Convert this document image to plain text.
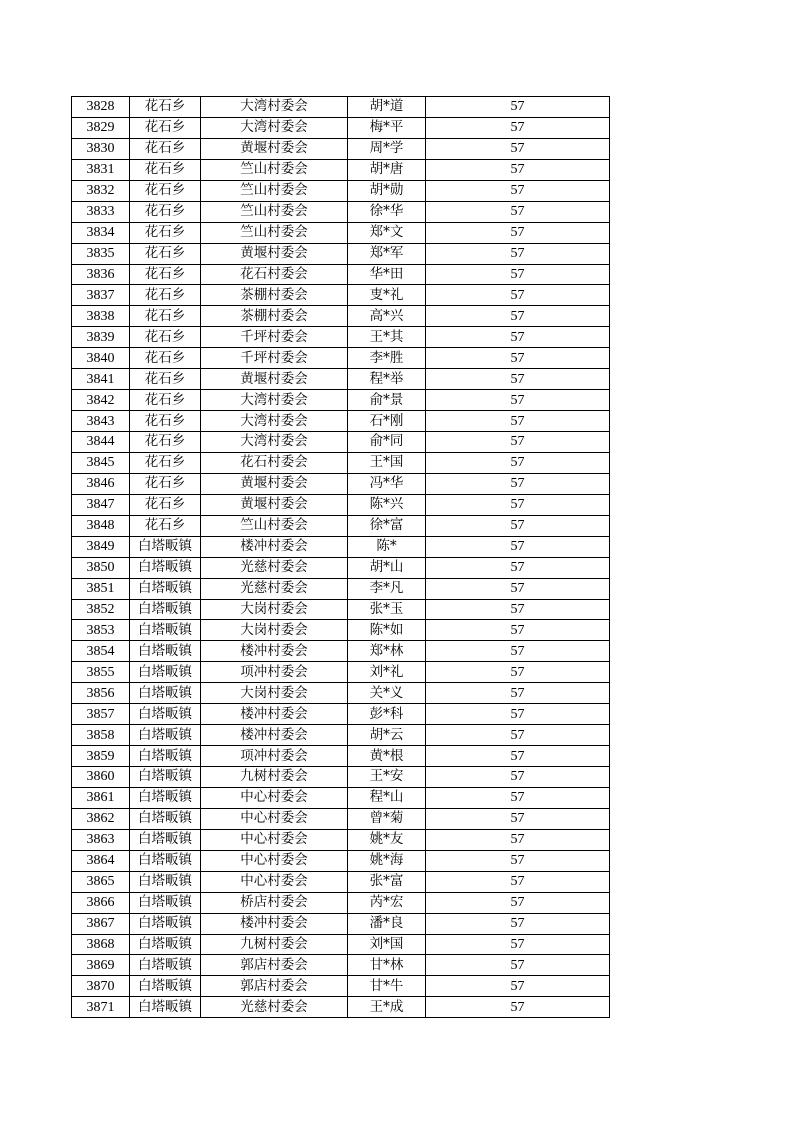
3828	花石乡	大湾村委会	胡*道	57
3829	花石乡	大湾村委会	梅*平	57
3830	花石乡	黄堰村委会	周*学	57
3831	花石乡	竺山村委会	胡*唐	57
3832	花石乡	竺山村委会	胡*勋	57
3833	花石乡	竺山村委会	徐*华	57
3834	花石乡	竺山村委会	郑*文	57
3835	花石乡	黄堰村委会	郑*军	57
3836	花石乡	花石村委会	华*田	57
3837	花石乡	茶棚村委会	叓*礼	57
3838	花石乡	茶棚村委会	高*兴	57
3839	花石乡	千坪村委会	王*其	57
3840	花石乡	千坪村委会	李*胜	57
3841	花石乡	黄堰村委会	程*举	57
3842	花石乡	大湾村委会	俞*景	57
3843	花石乡	大湾村委会	石*刚	57
3844	花石乡	大湾村委会	俞*同	57
3845	花石乡	花石村委会	王*国	57
3846	花石乡	黄堰村委会	冯*华	57
3847	花石乡	黄堰村委会	陈*兴	57
3848	花石乡	竺山村委会	徐*富	57
3849	白塔畈镇	楼冲村委会	陈*	57
3850	白塔畈镇	光慈村委会	胡*山	57
3851	白塔畈镇	光慈村委会	李*凡	57
3852	白塔畈镇	大岗村委会	张*玉	57
3853	白塔畈镇	大岗村委会	陈*如	57
3854	白塔畈镇	楼冲村委会	郑*林	57
3855	白塔畈镇	项冲村委会	刘*礼	57
3856	白塔畈镇	大岗村委会	关*义	57
3857	白塔畈镇	楼冲村委会	彭*科	57
3858	白塔畈镇	楼冲村委会	胡*云	57
3859	白塔畈镇	项冲村委会	黄*根	57
3860	白塔畈镇	九树村委会	王*安	57
3861	白塔畈镇	中心村委会	程*山	57
3862	白塔畈镇	中心村委会	曾*菊	57
3863	白塔畈镇	中心村委会	姚*友	57
3864	白塔畈镇	中心村委会	姚*海	57
3865	白塔畈镇	中心村委会	张*富	57
3866	白塔畈镇	桥店村委会	芮*宏	57
3867	白塔畈镇	楼冲村委会	潘*良	57
3868	白塔畈镇	九树村委会	刘*国	57
3869	白塔畈镇	郭店村委会	甘*林	57
3870	白塔畈镇	郭店村委会	甘*牛	57
3871	白塔畈镇	光慈村委会	王*成	57
